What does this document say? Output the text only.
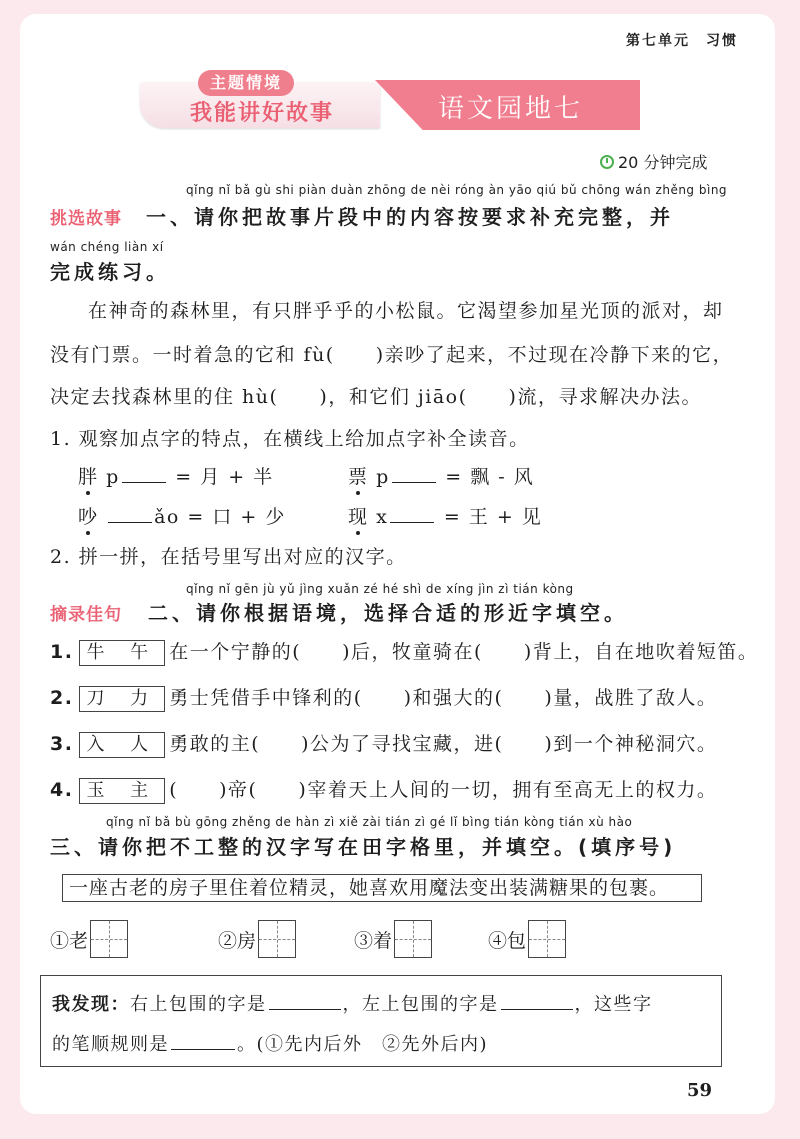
第七单元　习惯
主题情境
我能讲好故事	语文园地七
20 分钟完成
qǐng nǐ bǎ gù shi piàn duàn zhōng de nèi róng àn yāo qiú bǔ chōng wán zhěng bìng
挑选故事 一、请你把故事片段中的内容按要求补充完整，并
wán chéng liàn xí
完成练习。
在神奇的森林里，有只胖乎乎的小松鼠。它渴望参加星光顶的派对，却
没有门票。一时着急的它和 fù(　　)亲吵了起来，不过现在冷静下来的它，
决定去找森林里的住 hù(　　)，和它们 jiāo(　　)流，寻求解决办法。
1. 观察加点字的特点，在横线上给加点字补全读音。
胖 p	= 月 + 半	票 p	= 飘 - 风
吵	ǎo = 口 + 少	现 x	= 王 + 见
2. 拼一拼，在括号里写出对应的汉字。
qǐng nǐ gēn jù yǔ jìng xuǎn zé hé shì de xíng jìn zì tián kòng
摘录佳句 二、请你根据语境，选择合适的形近字填空。
1. 牛 午 在一个宁静的(　　)后，牧童骑在(　　)背上，自在地吹着短笛。
2. 刀 力 勇士凭借手中锋利的(　　)和强大的(　　)量，战胜了敌人。
3. 入 人 勇敢的主(　　)公为了寻找宝藏，进(　　)到一个神秘洞穴。
4. 玉 主 (　　)帝(　　)宰着天上人间的一切，拥有至高无上的权力。
qǐng nǐ bǎ bù gōng zhěng de hàn zì xiě zài tián zì gé lǐ bìng tián kòng tián xù hào
三、请你把不工整的汉字写在田字格里，并填空。(填序号)
一座古老的房子里住着位精灵，她喜欢用魔法变出装满糖果的包裹。
①老	②房	③着	④包
我发现：右上包围的字是	，左上包围的字是	，这些字
的笔顺规则是	。(①先内后外　②先外后内)
59
